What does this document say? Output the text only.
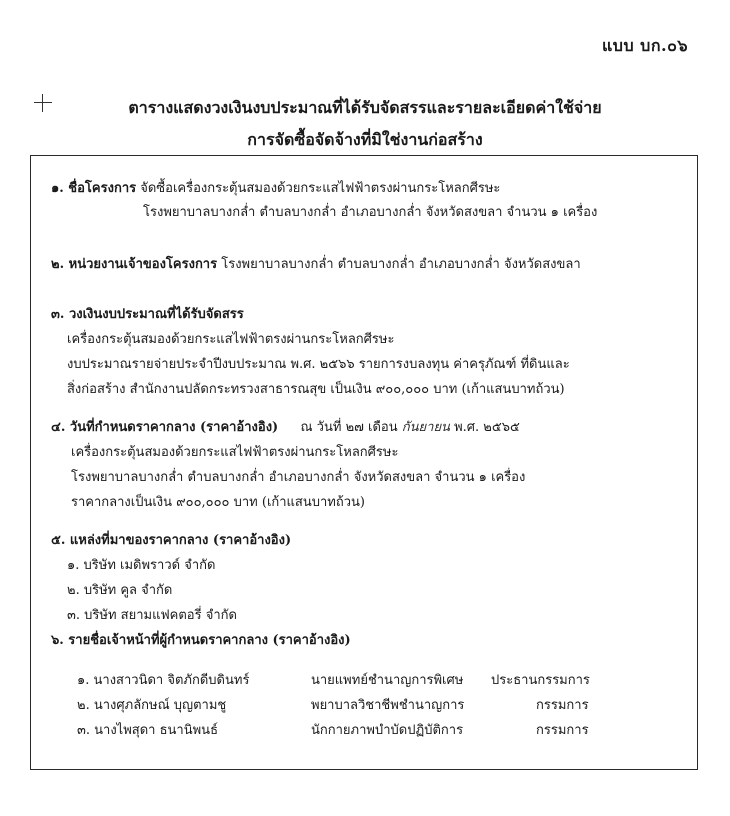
แบบ บก.๐๖
ตารางแสดงวงเงินงบประมาณที่ได้รับจัดสรรและรายละเอียดค่าใช้จ่าย
การจัดซื้อจัดจ้างที่มิใช่งานก่อสร้าง
๑. ชื่อโครงการ จัดซื้อเครื่องกระตุ้นสมองด้วยกระแสไฟฟ้าตรงผ่านกระโหลกศีรษะ
โรงพยาบาลบางกล่ำ ตำบลบางกล่ำ อำเภอบางกล่ำ จังหวัดสงขลา จำนวน ๑ เครื่อง
๒. หน่วยงานเจ้าของโครงการ โรงพยาบาลบางกล่ำ ตำบลบางกล่ำ อำเภอบางกล่ำ จังหวัดสงขลา
๓. วงเงินงบประมาณที่ได้รับจัดสรร
เครื่องกระตุ้นสมองด้วยกระแสไฟฟ้าตรงผ่านกระโหลกศีรษะ
งบประมาณรายจ่ายประจำปีงบประมาณ พ.ศ. ๒๕๖๖ รายการงบลงทุน ค่าครุภัณฑ์ ที่ดินและ
สิ่งก่อสร้าง สำนักงานปลัดกระทรวงสาธารณสุข เป็นเงิน ๙๐๐,๐๐๐ บาท (เก้าแสนบาทถ้วน)
๔. วันที่กำหนดราคากลาง (ราคาอ้างอิง) ณ วันที่ ๒๗ เดือน กันยายน พ.ศ. ๒๕๖๕
เครื่องกระตุ้นสมองด้วยกระแสไฟฟ้าตรงผ่านกระโหลกศีรษะ
โรงพยาบาลบางกล่ำ ตำบลบางกล่ำ อำเภอบางกล่ำ จังหวัดสงขลา จำนวน ๑ เครื่อง
ราคากลางเป็นเงิน ๙๐๐,๐๐๐ บาท (เก้าแสนบาทถ้วน)
๕. แหล่งที่มาของราคากลาง (ราคาอ้างอิง)
๑. บริษัท เมดิพราวด์ จำกัด
๒. บริษัท คูล จำกัด
๓. บริษัท สยามแฟคตอรี่ จำกัด
๖. รายชื่อเจ้าหน้าที่ผู้กำหนดราคากลาง (ราคาอ้างอิง)
๑. นางสาวนิดา จิตภักดีบดินทร์	นายแพทย์ชำนาญการพิเศษ ประธานกรรมการ
๒. นางศุภลักษณ์ บุญตามชู	พยาบาลวิชาชีพชำนาญการ	กรรมการ
๓. นางไพสุดา ธนานิพนธ์	นักกายภาพบำบัดปฏิบัติการ	กรรมการ
